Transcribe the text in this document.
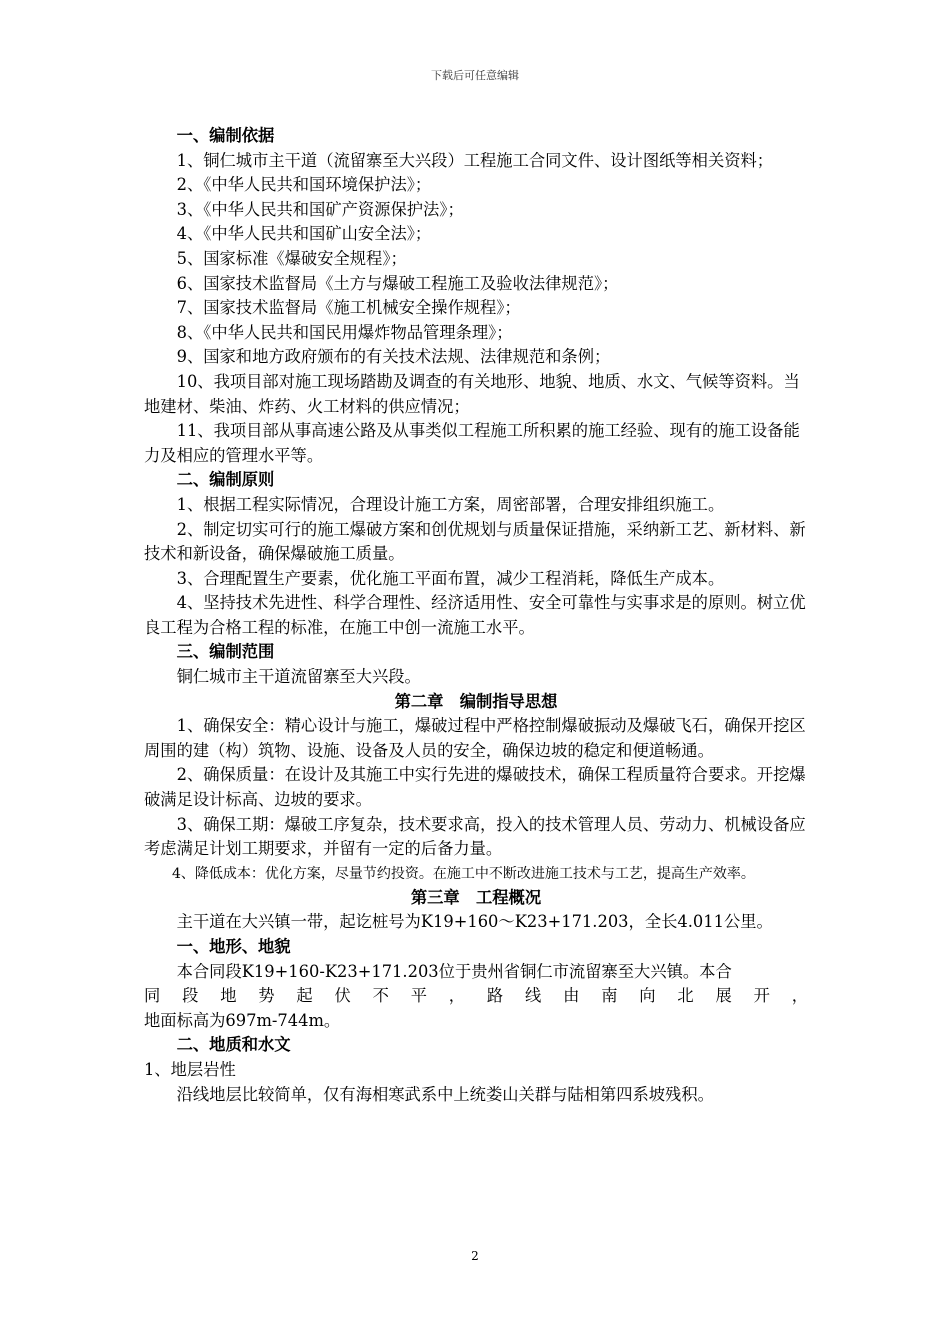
下载后可任意编辑

一、编制依据

1、铜仁城市主干道（流留寨至大兴段）工程施工合同文件、设计图纸等相关资料；

2、《中华人民共和国环境保护法》；

3、《中华人民共和国矿产资源保护法》；

4、《中华人民共和国矿山安全法》；

5、国家标准《爆破安全规程》；

6、国家技术监督局《土方与爆破工程施工及验收法律规范》；

7、国家技术监督局《施工机械安全操作规程》；

8、《中华人民共和国民用爆炸物品管理条理》；

9、国家和地方政府颁布的有关技术法规、法律规范和条例；

10、我项目部对施工现场踏勘及调查的有关地形、地貌、地质、水文、气候等资料。当地建材、柴油、炸药、火工材料的供应情况；

11、我项目部从事高速公路及从事类似工程施工所积累的施工经验、现有的施工设备能力及相应的管理水平等。

二、编制原则

1、根据工程实际情况，合理设计施工方案，周密部署，合理安排组织施工。

2、制定切实可行的施工爆破方案和创优规划与质量保证措施，采纳新工艺、新材料、新技术和新设备，确保爆破施工质量。

3、合理配置生产要素，优化施工平面布置，减少工程消耗，降低生产成本。

4、坚持技术先进性、科学合理性、经济适用性、安全可靠性与实事求是的原则。树立优良工程为合格工程的标准，在施工中创一流施工水平。

三、编制范围

铜仁城市主干道流留寨至大兴段。

第二章　编制指导思想

1、确保安全：精心设计与施工，爆破过程中严格控制爆破振动及爆破飞石，确保开挖区周围的建（构）筑物、设施、设备及人员的安全，确保边坡的稳定和便道畅通。

2、确保质量：在设计及其施工中实行先进的爆破技术，确保工程质量符合要求。开挖爆破满足设计标高、边坡的要求。

3、确保工期：爆破工序复杂，技术要求高，投入的技术管理人员、劳动力、机械设备应考虑满足计划工期要求，并留有一定的后备力量。

4、降低成本：优化方案，尽量节约投资。在施工中不断改进施工技术与工艺，提高生产效率。

第三章　工程概况

主干道在大兴镇一带，起讫桩号为K19+160～K23+171.203，全长4.011公里。

一、地形、地貌

本合同段K19+160-K23+171.203位于贵州省铜仁市流留寨至大兴镇。本合

同段地势起伏不平，路线由南向北展开，

地面标高为697m-744m。

二、地质和水文

1、地层岩性

沿线地层比较简单，仅有海相寒武系中上统娄山关群与陆相第四系坡残积。

2
